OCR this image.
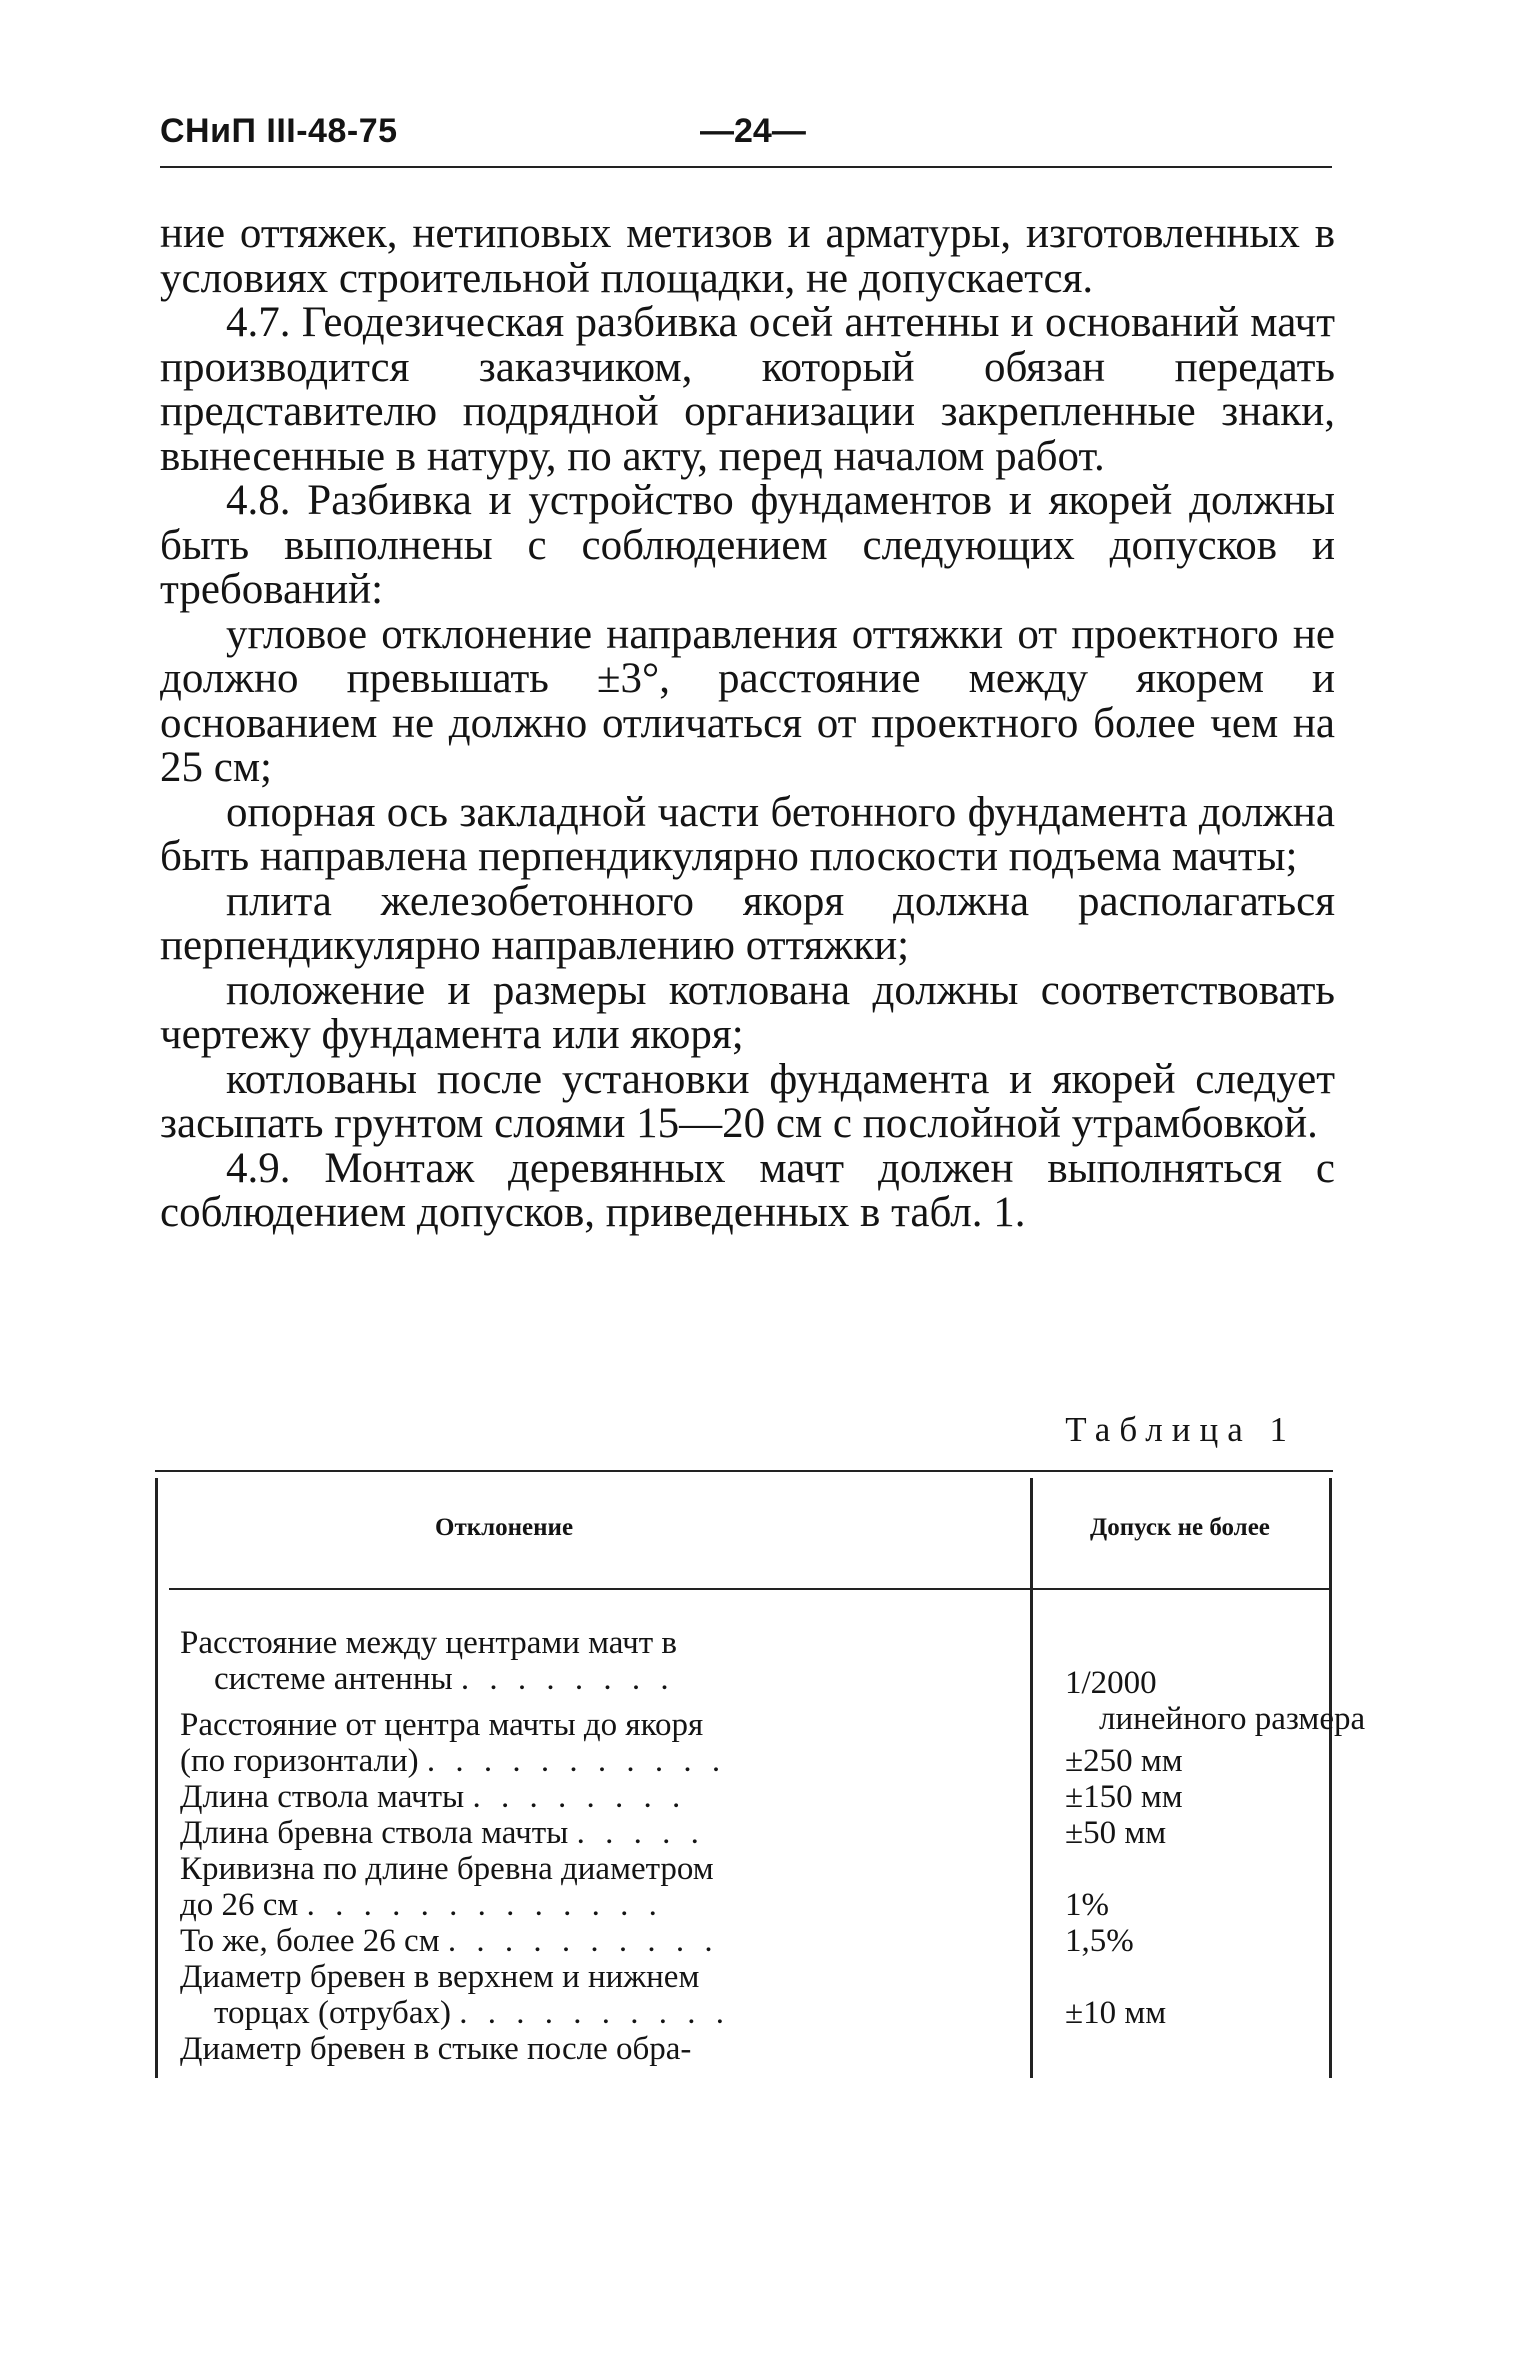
СНиП III-48-75	—24—

ние оттяжек, нетиповых метизов и арматуры, изготовленных в условиях строительной площадки, не допускается.

4.7. Геодезическая разбивка осей антенны и оснований мачт производится заказчиком, который обязан передать представителю подрядной организации закрепленные знаки, вынесенные в натуру, по акту, перед началом работ.

4.8. Разбивка и устройство фундаментов и якорей должны быть выполнены с соблюдением следующих допусков и требований:

угловое отклонение направления оттяжки от проектного не должно превышать ±3°, расстояние между якорем и основанием не должно отличаться от проектного более чем на 25 см;

опорная ось закладной части бетонного фундамента должна быть направлена перпендикулярно плоскости подъема мачты;

плита железобетонного якоря должна располагаться перпендикулярно направлению оттяжки;

положение и размеры котлована должны соответствовать чертежу фундамента или якоря;

котлованы после установки фундамента и якорей следует засыпать грунтом слоями 15—20 см с послойной утрамбовкой.

4.9. Монтаж деревянных мачт должен выполняться с соблюдением допусков, приведенных в табл. 1.

Таблица 1
Отклонение	Допуск не более
Расстояние между центрами мачт в
системе антенны . . . . . . . .	1/2000
линейного размера
Расстояние от центра мачты до якоря
(по горизонтали) . . . . . . . . . . .	±250 мм
Длина ствола мачты . . . . . . . .	±150 мм
Длина бревна ствола мачты . . . . .	±50 мм
Кривизна по длине бревна диаметром
до 26 см . . . . . . . . . . . . .	1%
То же, более 26 см . . . . . . . . . .	1,5%
Диаметр бревен в верхнем и нижнем
торцах (отрубах) . . . . . . . . . .	±10 мм
Диаметр бревен в стыке после обра-
